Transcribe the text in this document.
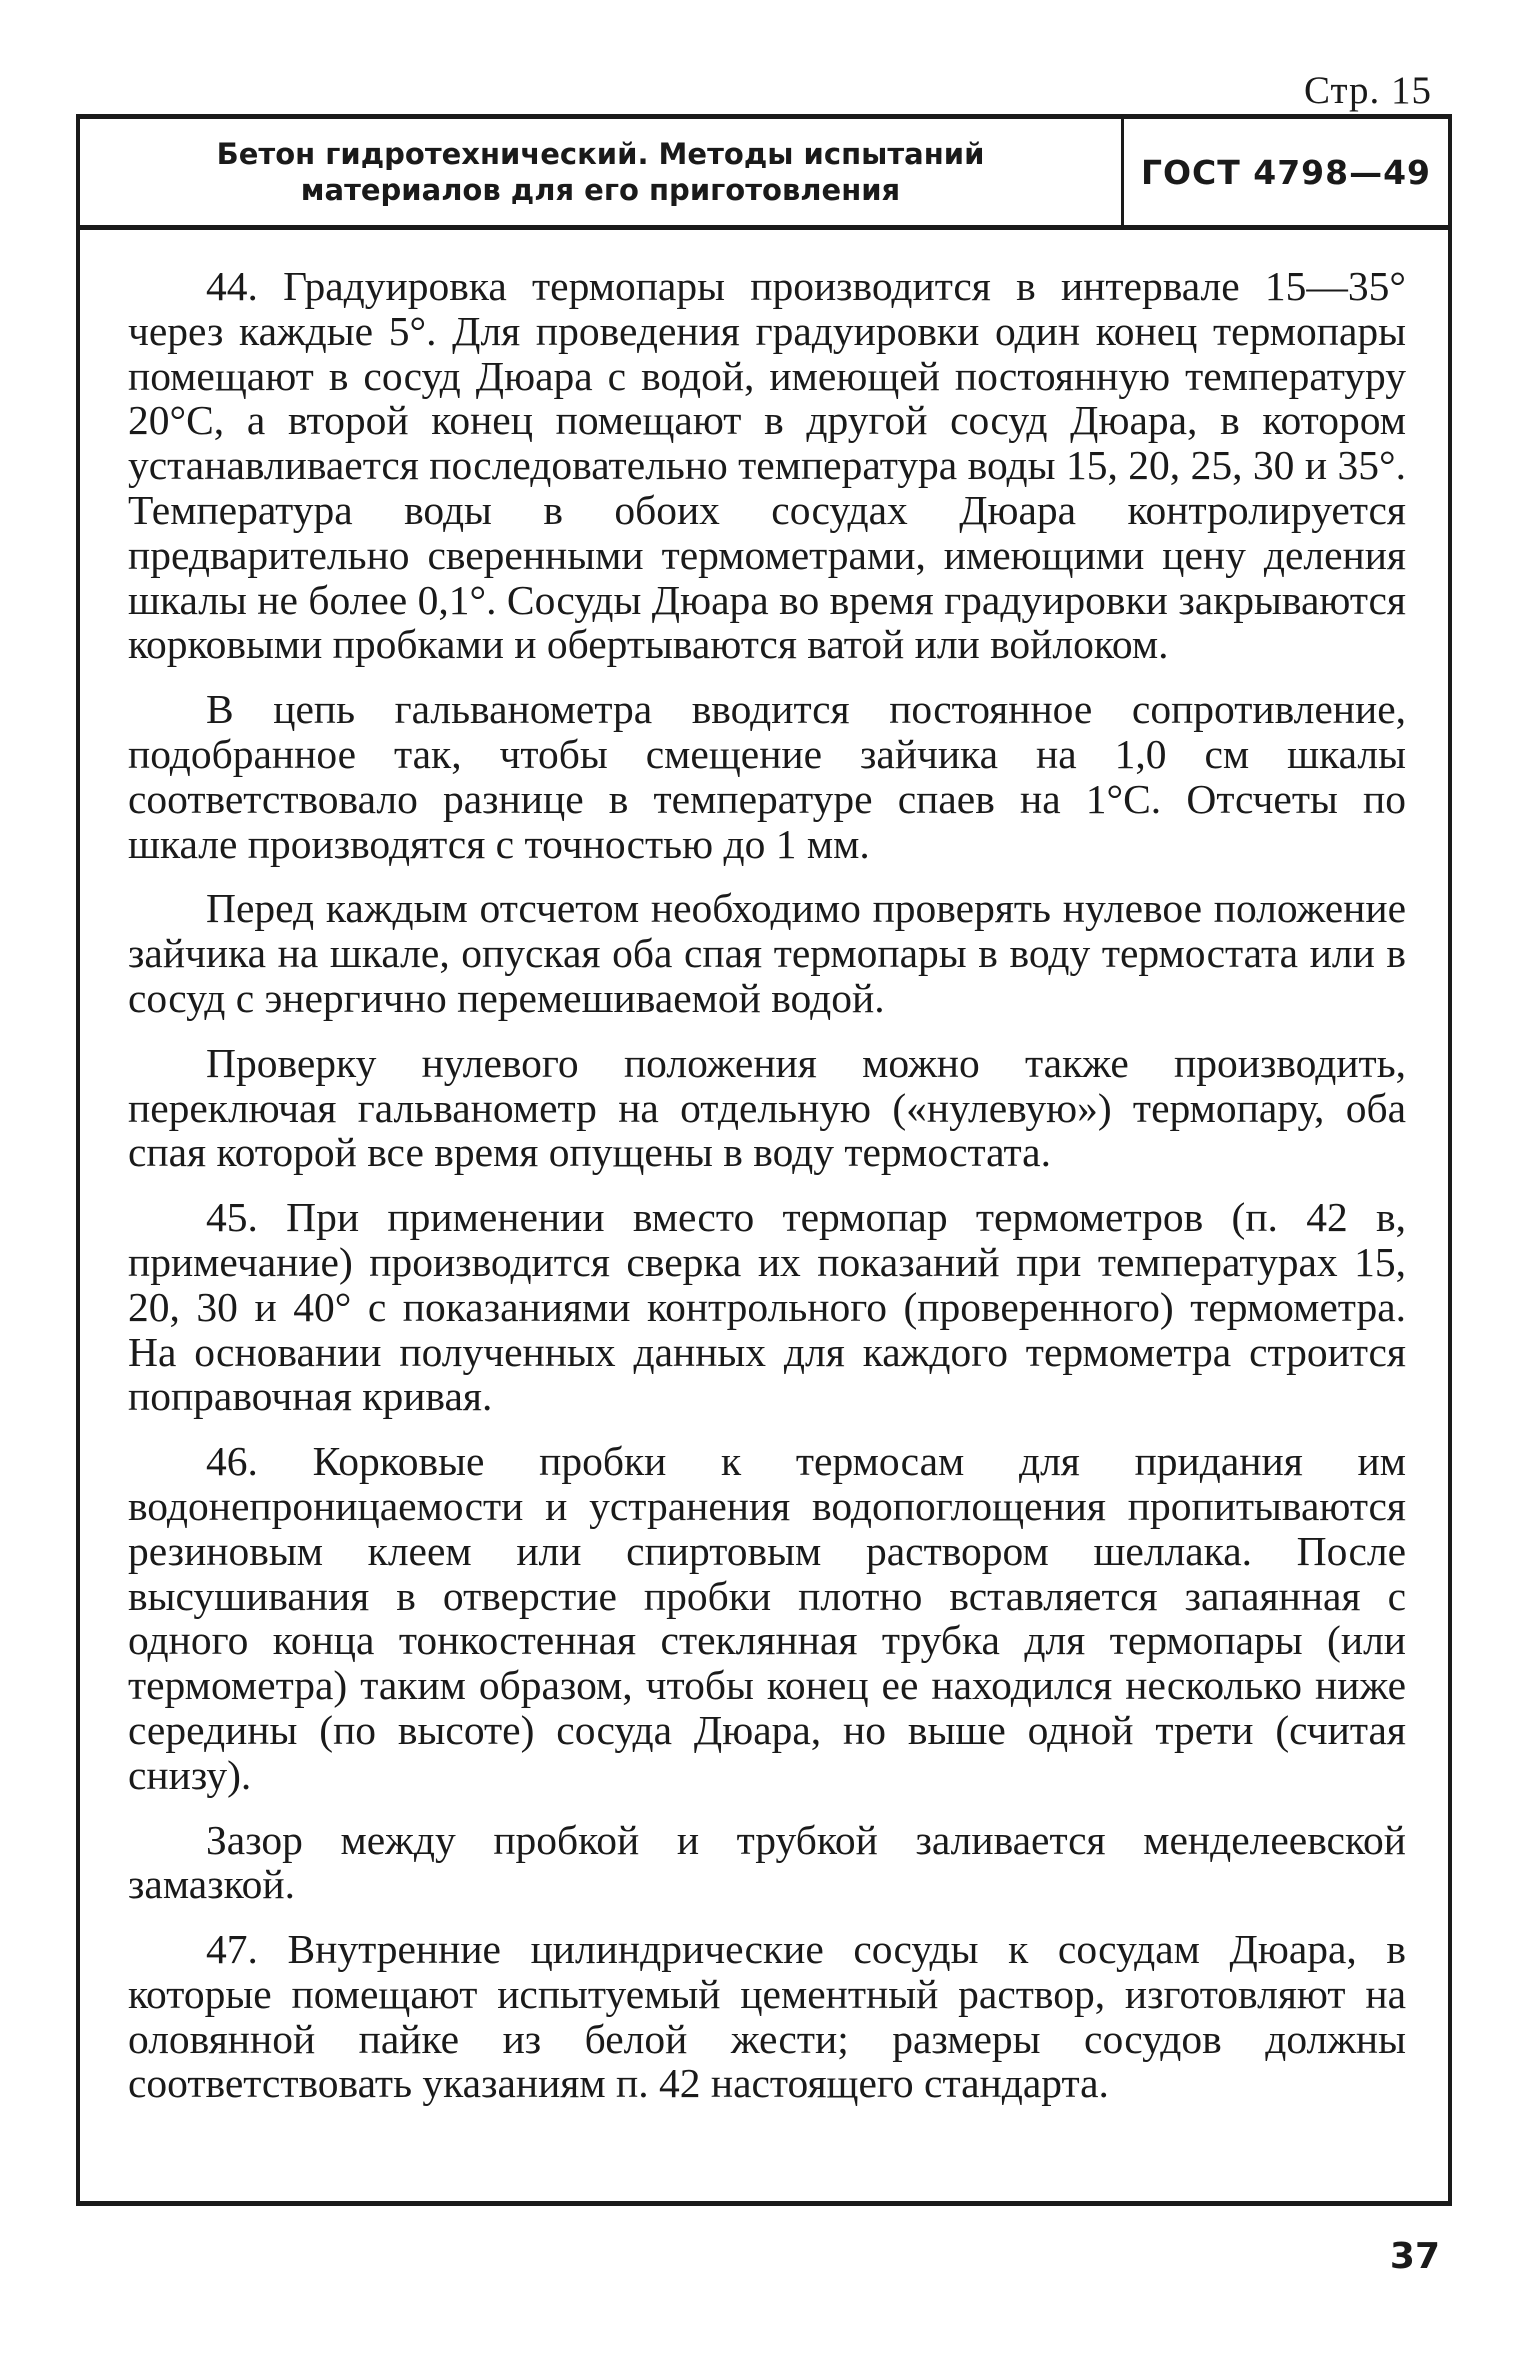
Стр. 15
Бетон гидротехнический. Методы испытаний
материалов для его приготовления	ГОСТ 4798—49

44. Градуировка термопары производится в интервале 15—35° через каждые 5°. Для проведения градуировки один конец термопары помещают в сосуд Дюара с водой, имеющей постоянную температуру 20°С, а второй конец помещают в другой сосуд Дюара, в котором устанавливается последовательно температура воды 15, 20, 25, 30 и 35°. Температура воды в обоих сосудах Дюара контролируется предварительно сверенными термометрами, имеющими цену деления шкалы не более 0,1°. Сосуды Дюара во время градуировки закрываются корковыми пробками и обертываются ватой или войлоком.

В цепь гальванометра вводится постоянное сопротивление, подобранное так, чтобы смещение зайчика на 1,0 см шкалы соответствовало разнице в температуре спаев на 1°С. Отсчеты по шкале производятся с точностью до 1 мм.

Перед каждым отсчетом необходимо проверять нулевое положение зайчика на шкале, опуская оба спая термопары в воду термостата или в сосуд с энергично перемешиваемой водой.

Проверку нулевого положения можно также производить, переключая гальванометр на отдельную («нулевую») термопару, оба спая которой все время опущены в воду термостата.

45. При применении вместо термопар термометров (п. 42 в, примечание) производится сверка их показаний при температурах 15, 20, 30 и 40° с показаниями контрольного (проверенного) термометра. На основании полученных данных для каждого термометра строится поправочная кривая.

46. Корковые пробки к термосам для придания им водонепроницаемости и устранения водопоглощения пропитываются резиновым клеем или спиртовым раствором шеллака. После высушивания в отверстие пробки плотно вставляется запаянная с одного конца тонкостенная стеклянная трубка для термопары (или термометра) таким образом, чтобы конец ее находился несколько ниже середины (по высоте) сосуда Дюара, но выше одной трети (считая снизу).

Зазор между пробкой и трубкой заливается менделеевской замазкой.

47. Внутренние цилиндрические сосуды к сосудам Дюара, в которые помещают испытуемый цементный раствор, изготовляют на оловянной пайке из белой жести; размеры сосудов должны соответствовать указаниям п. 42 настоящего стандарта.

37
